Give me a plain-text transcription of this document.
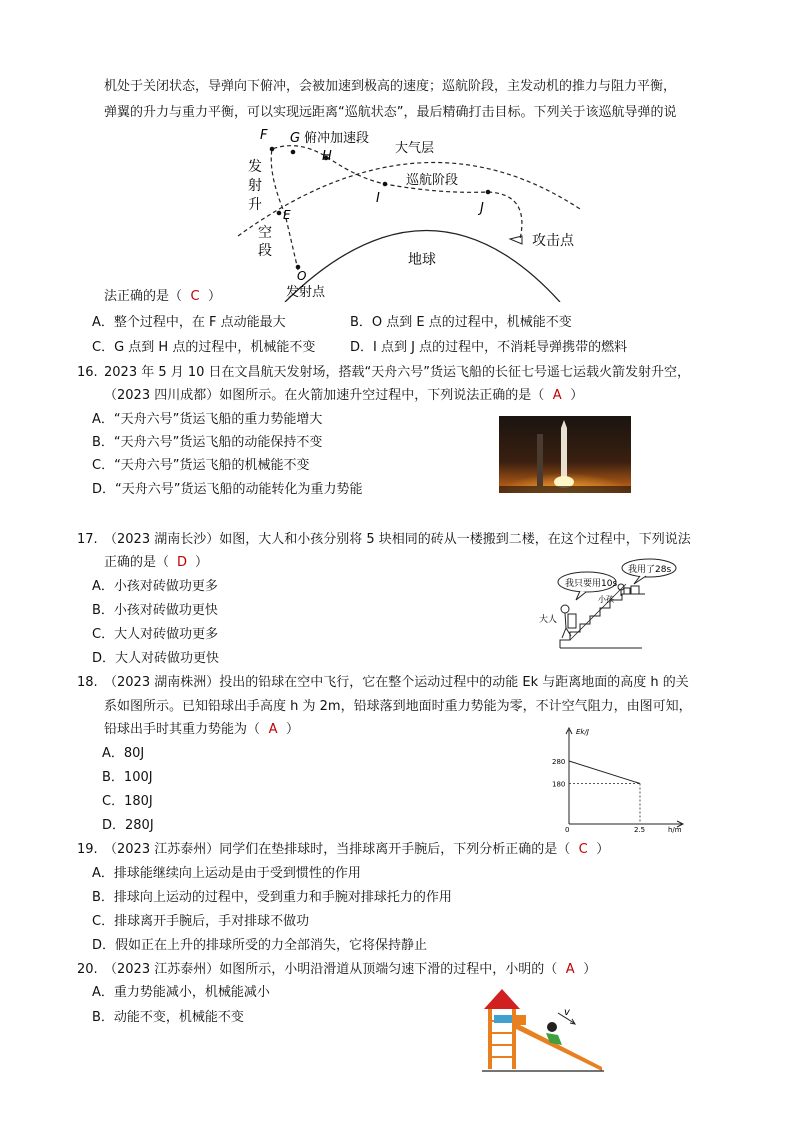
机处于关闭状态，导弹向下俯冲，会被加速到极高的速度；巡航阶段，主发动机的推力与阻力平衡，
弹翼的升力与重力平衡，可以实现远距离“巡航状态”，最后精确打击目标。下列关于该巡航导弹的说
F G 俯冲加速段
H
大气层
巡航阶段
I
J
E
发
射
升
空
段
地球
攻击点
O
发射点
法正确的是（ C ）
A．整个过程中，在 F 点动能最大	B．O 点到 E 点的过程中，机械能不变
C．G 点到 H 点的过程中，机械能不变	D．I 点到 J 点的过程中，不消耗导弹携带的燃料
16. 2023 年 5 月 10 日在文昌航天发射场，搭载“天舟六号”货运飞船的长征七号遥七运载火箭发射升空，
（2023 四川成都）如图所示。在火箭加速升空过程中，下列说法正确的是（ A ）
A．“天舟六号”货运飞船的重力势能增大
B．“天舟六号”货运飞船的动能保持不变
C．“天舟六号”货运飞船的机械能不变
D．“天舟六号”货运飞船的动能转化为重力势能
17. （2023 湖南长沙）如图，大人和小孩分别将 5 块相同的砖从一楼搬到二楼，在这个过程中，下列说法
正确的是（ D ）
A．小孩对砖做功更多
B．小孩对砖做功更快
C．大人对砖做功更多
D．大人对砖做功更快
我只要用10s
我用了28s
大人
小孩
18. （2023 湖南株洲）投出的铅球在空中飞行，它在整个运动过程中的动能 Ek 与距离地面的高度 h 的关
系如图所示。已知铅球出手高度 h 为 2m，铅球落到地面时重力势能为零，不计空气阻力，由图可知，
铅球出手时其重力势能为（ A ）
A．80J
B．100J
C．180J
D．280J
Ek/J
h/m
0	2.5
280
180
19. （2023 江苏泰州）同学们在垫排球时，当排球离开手腕后，下列分析正确的是（ C ）
A．排球能继续向上运动是由于受到惯性的作用
B．排球向上运动的过程中，受到重力和手腕对排球托力的作用
C．排球离开手腕后，手对排球不做功
D．假如正在上升的排球所受的力全部消失，它将保持静止
20. （2023 江苏泰州）如图所示，小明沿滑道从顶端匀速下滑的过程中，小明的（ A ）
A．重力势能减小，机械能减小
B．动能不变，机械能不变	v
